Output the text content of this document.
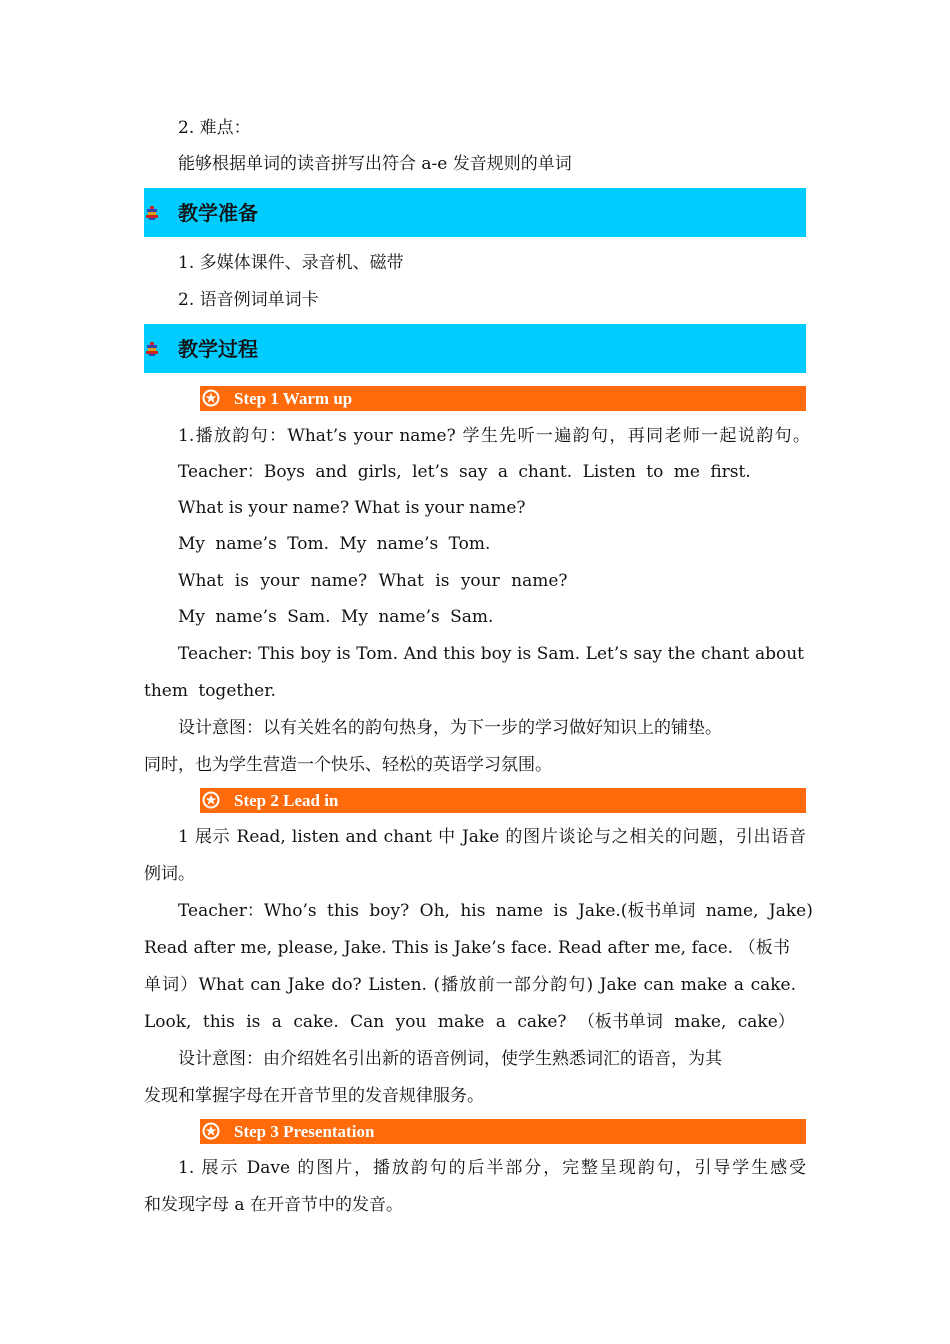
2. 难点：
能够根据单词的读音拼写出符合 a-e 发音规则的单词
教学准备
1. 多媒体课件、录音机、磁带
2. 语音例词单词卡
教学过程
Step 1 Warm up
1.播放韵句：What’s your name? 学生先听一遍韵句，再同老师一起说韵句。
Teacher：Boys and girls, let’s say a chant. Listen to me first.
What is your name? What is your name?
My name’s Tom. My name’s Tom.
What is your name? What is your name?
My name’s Sam. My name’s Sam.
Teacher: This boy is Tom. And this boy is Sam. Let’s say the chant about
them together.
设计意图：以有关姓名的韵句热身，为下一步的学习做好知识上的铺垫。
同时，也为学生营造一个快乐、轻松的英语学习氛围。
Step 2 Lead in
1 展示 Read, listen and chant 中 Jake 的图片谈论与之相关的问题，引出语音
例词。
Teacher：Who’s this boy? Oh, his name is Jake.(板书单词 name, Jake)
Read after me, please, Jake. This is Jake’s face. Read after me, face. （板书
单词）What can Jake do? Listen. (播放前一部分韵句) Jake can make a cake.
Look, this is a cake. Can you make a cake? （板书单词 make, cake）
设计意图：由介绍姓名引出新的语音例词，使学生熟悉词汇的语音，为其
发现和掌握字母在开音节里的发音规律服务。
Step 3 Presentation
1. 展示 Dave 的图片，播放韵句的后半部分，完整呈现韵句，引导学生感受
和发现字母 a 在开音节中的发音。
